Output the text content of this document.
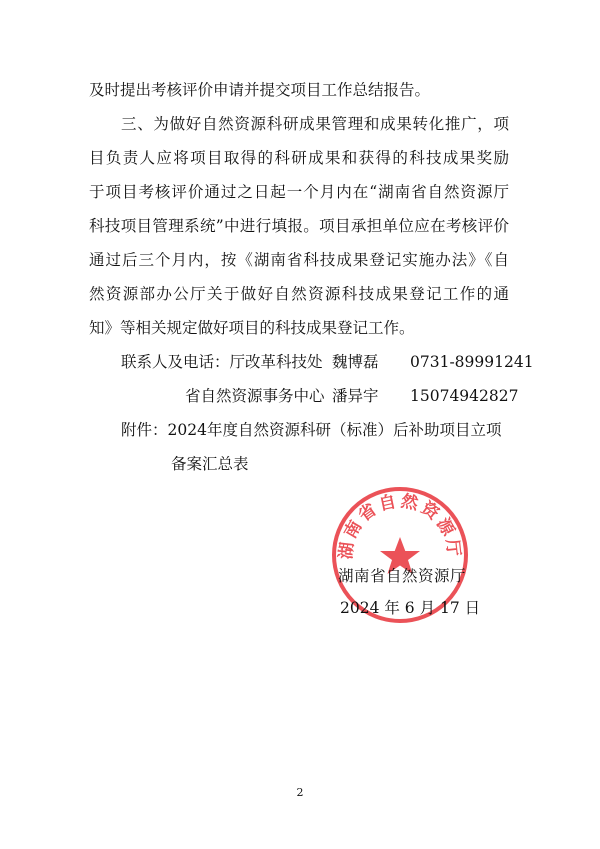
及时提出考核评价申请并提交项目工作总结报告。
三、为做好自然资源科研成果管理和成果转化推广，项
目负责人应将项目取得的科研成果和获得的科技成果奖励
于项目考核评价通过之日起一个月内在“湖南省自然资源厅
科技项目管理系统”中进行填报。项目承担单位应在考核评价
通过后三个月内，按《湖南省科技成果登记实施办法》《自
然资源部办公厅关于做好自然资源科技成果登记工作的通
知》等相关规定做好项目的科技成果登记工作。
联系人及电话：厅改革科技处 魏博磊 0731-89991241
省自然资源事务中心 潘异宇 15074942827
附件：2024年度自然资源科研（标准）后补助项目立项
备案汇总表
湖南省自然资源厅
湖南省自然资源厅
2024 年 6 月 17 日
2
